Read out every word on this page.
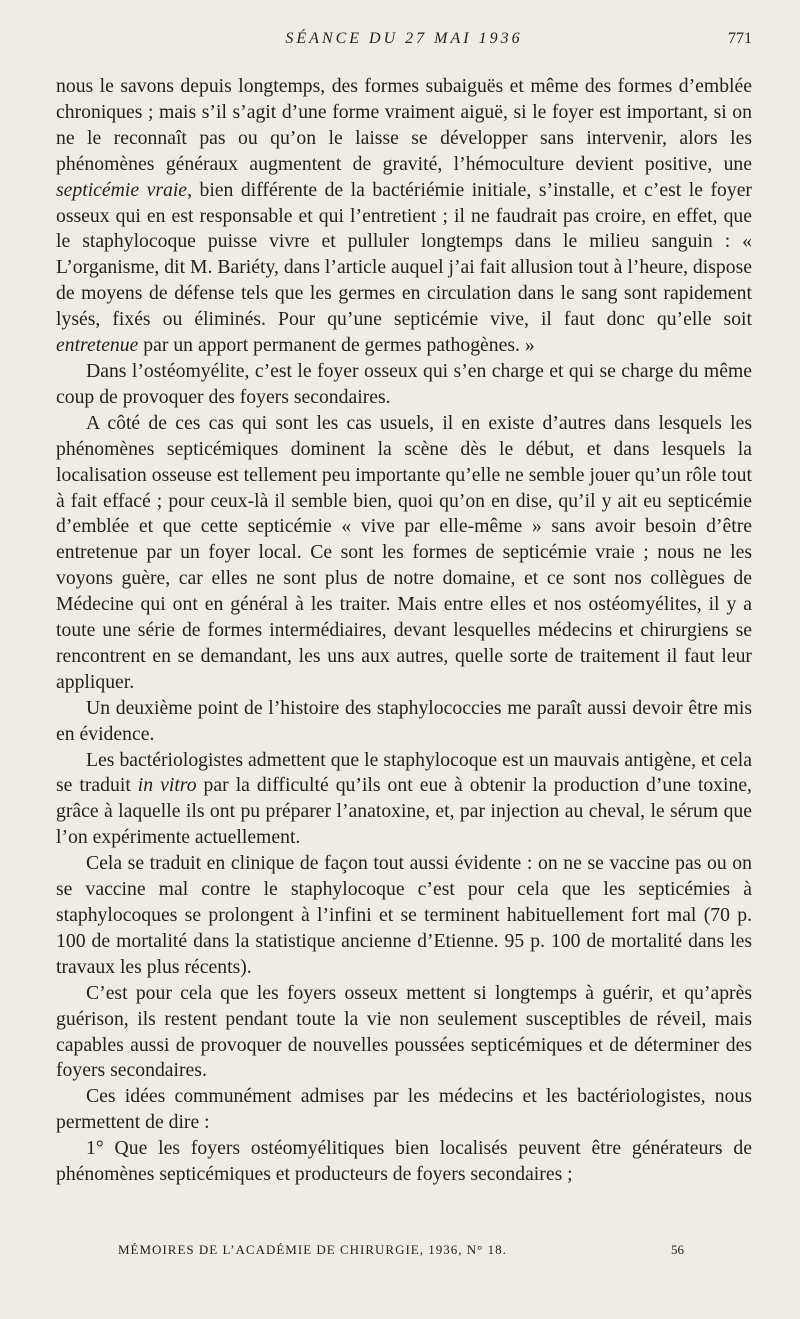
SÉANCE DU 27 MAI 1936	771

nous le savons depuis longtemps, des formes subaiguës et même des formes d’emblée chroniques ; mais s’il s’agit d’une forme vraiment aiguë, si le foyer est important, si on ne le reconnaît pas ou qu’on le laisse se développer sans intervenir, alors les phénomènes généraux augmentent de gravité, l’hémoculture devient positive, une septicémie vraie, bien différente de la bactériémie initiale, s’installe, et c’est le foyer osseux qui en est responsable et qui l’entretient ; il ne faudrait pas croire, en effet, que le staphylocoque puisse vivre et pulluler longtemps dans le milieu sanguin : « L’organisme, dit M. Bariéty, dans l’article auquel j’ai fait allusion tout à l’heure, dispose de moyens de défense tels que les germes en circulation dans le sang sont rapidement lysés, fixés ou éliminés. Pour qu’une septicémie vive, il faut donc qu’elle soit entretenue par un apport permanent de germes pathogènes. »

Dans l’ostéomyélite, c’est le foyer osseux qui s’en charge et qui se charge du même coup de provoquer des foyers secondaires.

A côté de ces cas qui sont les cas usuels, il en existe d’autres dans lesquels les phénomènes septicémiques dominent la scène dès le début, et dans lesquels la localisation osseuse est tellement peu importante qu’elle ne semble jouer qu’un rôle tout à fait effacé ; pour ceux-là il semble bien, quoi qu’on en dise, qu’il y ait eu septicémie d’emblée et que cette septicémie « vive par elle-même » sans avoir besoin d’être entretenue par un foyer local. Ce sont les formes de septicémie vraie ; nous ne les voyons guère, car elles ne sont plus de notre domaine, et ce sont nos collègues de Médecine qui ont en général à les traiter. Mais entre elles et nos ostéomyélites, il y a toute une série de formes intermédiaires, devant lesquelles médecins et chirurgiens se rencontrent en se demandant, les uns aux autres, quelle sorte de traitement il faut leur appliquer.

Un deuxième point de l’histoire des staphylococcies me paraît aussi devoir être mis en évidence.

Les bactériologistes admettent que le staphylocoque est un mauvais antigène, et cela se traduit in vitro par la difficulté qu’ils ont eue à obtenir la production d’une toxine, grâce à laquelle ils ont pu préparer l’anatoxine, et, par injection au cheval, le sérum que l’on expérimente actuellement.

Cela se traduit en clinique de façon tout aussi évidente : on ne se vaccine pas ou on se vaccine mal contre le staphylocoque c’est pour cela que les septicémies à staphylocoques se prolongent à l’infini et se terminent habituellement fort mal (70 p. 100 de mortalité dans la statistique ancienne d’Etienne. 95 p. 100 de mortalité dans les travaux les plus récents).

C’est pour cela que les foyers osseux mettent si longtemps à guérir, et qu’après guérison, ils restent pendant toute la vie non seulement susceptibles de réveil, mais capables aussi de provoquer de nouvelles poussées septicémiques et de déterminer des foyers secondaires.

Ces idées communément admises par les médecins et les bactériologistes, nous permettent de dire :

1° Que les foyers ostéomyélitiques bien localisés peuvent être générateurs de phénomènes septicémiques et producteurs de foyers secondaires ;

MÉMOIRES DE L’ACADÉMIE DE CHIRURGIE, 1936, N° 18.	56
